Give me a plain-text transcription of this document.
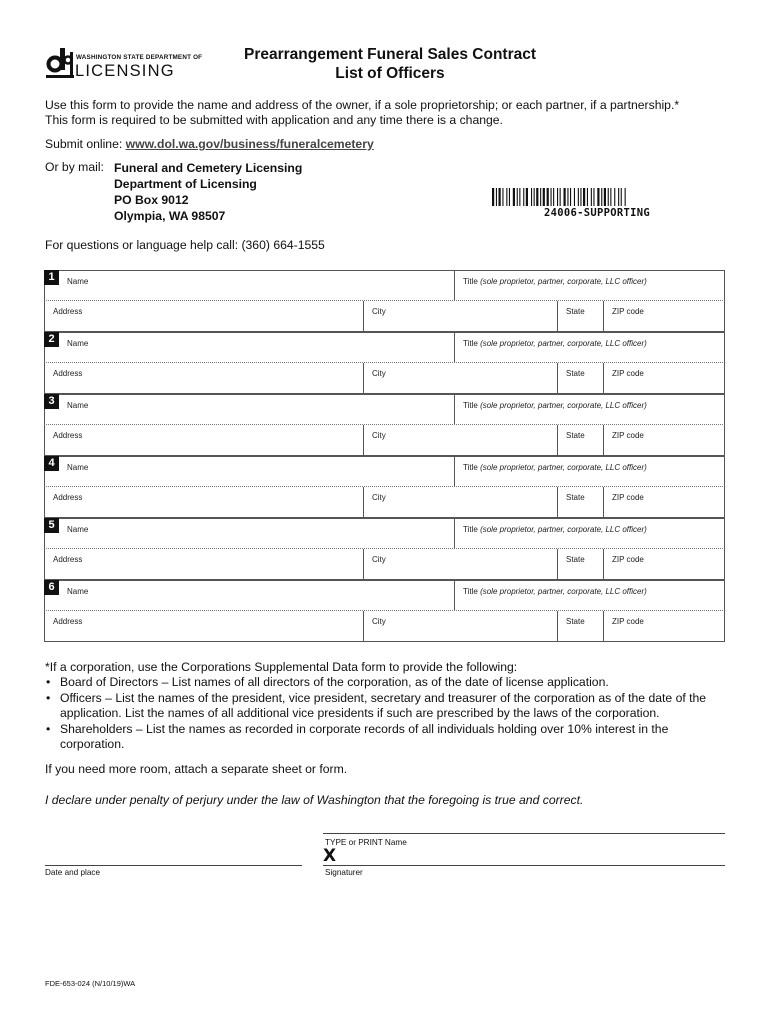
WASHINGTON STATE DEPARTMENT OF
LICENSING
Prearrangement Funeral Sales Contract
List of Officers
Use this form to provide the name and address of the owner, if a sole proprietorship; or each partner, if a partnership.*
This form is required to be submitted with application and any time there is a change.
Submit online: www.dol.wa.gov/business/funeralcemetery
Or by mail: Funeral and Cemetery Licensing
Department of Licensing
PO Box 9012
Olympia, WA 98507	24006-SUPPORTING
For questions or language help call: (360) 664-1555
1	Name	Title (sole proprietor, partner, corporate, LLC officer)
Address	City	State	ZIP code
2	Name	Title (sole proprietor, partner, corporate, LLC officer)
Address	City	State	ZIP code
3	Name	Title (sole proprietor, partner, corporate, LLC officer)
Address	City	State	ZIP code
4	Name	Title (sole proprietor, partner, corporate, LLC officer)
Address	City	State	ZIP code
5	Name	Title (sole proprietor, partner, corporate, LLC officer)
Address	City	State	ZIP code
6	Name	Title (sole proprietor, partner, corporate, LLC officer)
Address	City	State	ZIP code
*If a corporation, use the Corporations Supplemental Data form to provide the following:
• Board of Directors – List names of all directors of the corporation, as of the date of license application.
• Officers – List the names of the president, vice president, secretary and treasurer of the corporation as of the date of the application. List the names of all additional vice presidents if such are prescribed by the laws of the corporation.
• Shareholders – List the names as recorded in corporate records of all individuals holding over 10% interest in the corporation.
If you need more room, attach a separate sheet or form.
I declare under penalty of perjury under the law of Washington that the foregoing is true and correct.
TYPE or PRINT Name
X
Signaturer
Date and place
FDE-653-024 (N/10/19)WA
